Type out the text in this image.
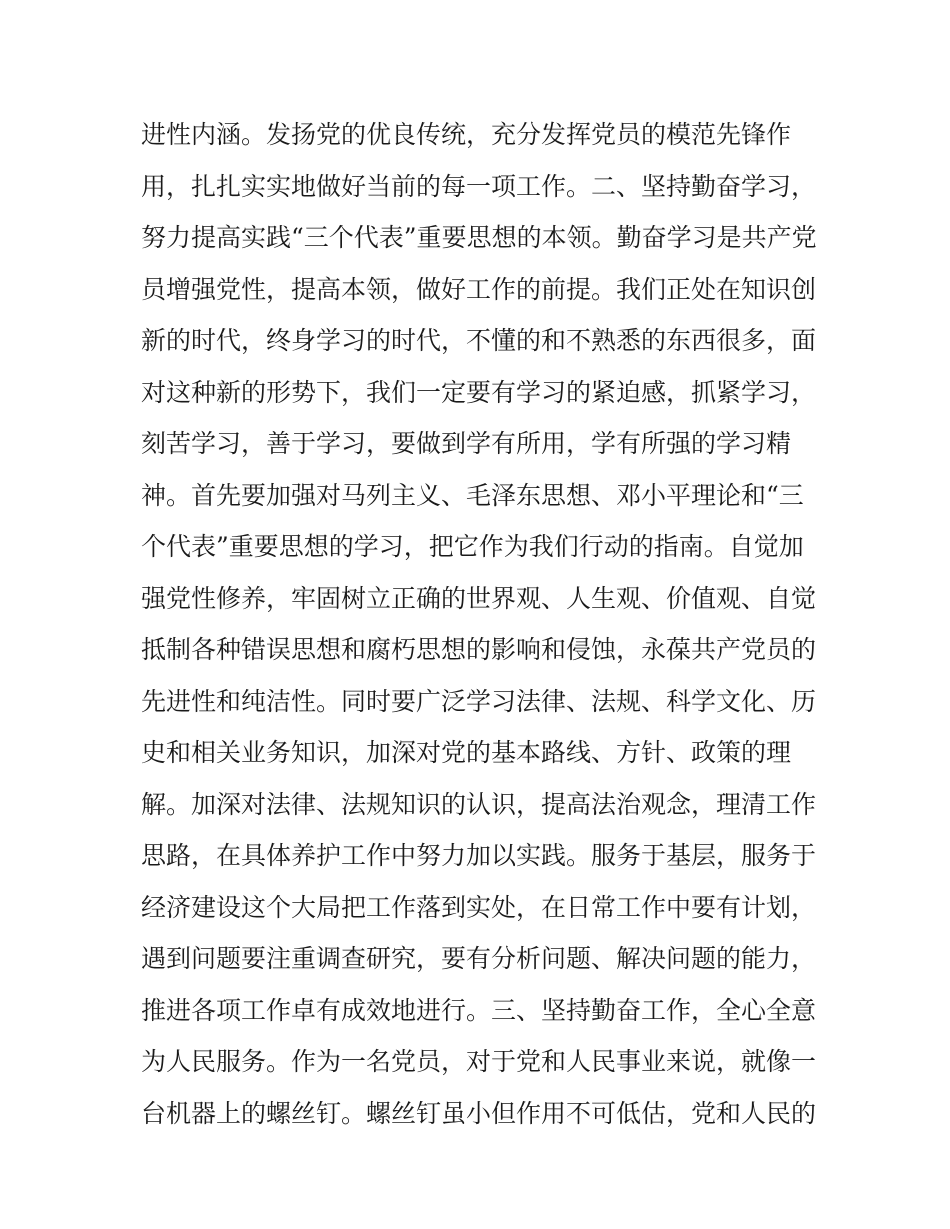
进性内涵。发扬党的优良传统，充分发挥党员的模范先锋作
用，扎扎实实地做好当前的每一项工作。二、坚持勤奋学习，
努力提高实践“三个代表”重要思想的本领。勤奋学习是共产党
员增强党性，提高本领，做好工作的前提。我们正处在知识创
新的时代，终身学习的时代，不懂的和不熟悉的东西很多，面
对这种新的形势下，我们一定要有学习的紧迫感，抓紧学习，
刻苦学习，善于学习，要做到学有所用，学有所强的学习精
神。首先要加强对马列主义、毛泽东思想、邓小平理论和“三
个代表”重要思想的学习，把它作为我们行动的指南。自觉加
强党性修养，牢固树立正确的世界观、人生观、价值观、自觉
抵制各种错误思想和腐朽思想的影响和侵蚀，永葆共产党员的
先进性和纯洁性。同时要广泛学习法律、法规、科学文化、历
史和相关业务知识，加深对党的基本路线、方针、政策的理
解。加深对法律、法规知识的认识，提高法治观念，理清工作
思路，在具体养护工作中努力加以实践。服务于基层，服务于
经济建设这个大局把工作落到实处，在日常工作中要有计划，
遇到问题要注重调查研究，要有分析问题、解决问题的能力，
推进各项工作卓有成效地进行。三、坚持勤奋工作，全心全意
为人民服务。作为一名党员，对于党和人民事业来说，就像一
台机器上的螺丝钉。螺丝钉虽小但作用不可低估，党和人民的
